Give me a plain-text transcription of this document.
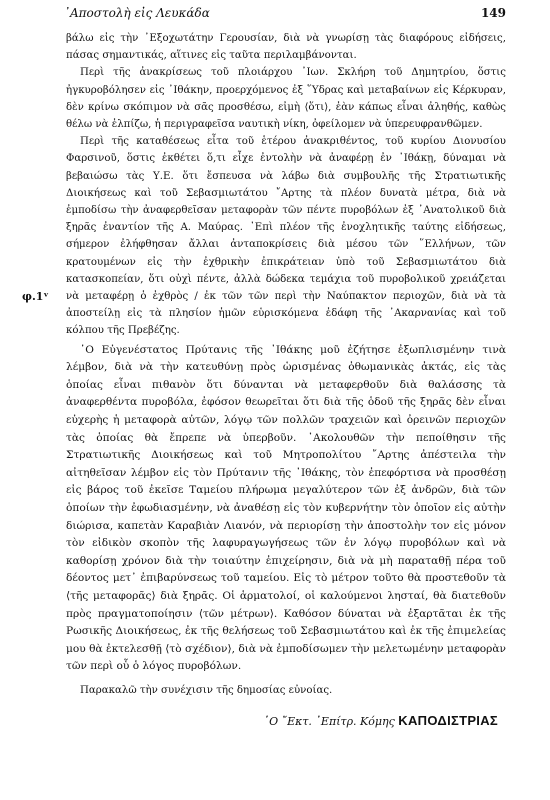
᾿Αποστολὴ εἰς Λευκάδα	149
φ.1ᵛ

βάλω εἰς τὴν ᾿Εξοχωτάτην Γερουσίαν, διὰ νὰ γνωρίσῃ τὰς διαφόρους εἰδήσεις, πάσας σημαντικάς, αἵτινες εἰς ταῦτα περιλαμβάνονται.

Περὶ τῆς ἀνακρίσεως τοῦ πλοιάρχου ᾿Ιων. Σκλήρη τοῦ Δημητρίου, ὅστις ἠγκυροβόλησεν εἰς ᾿Ιθάκην, προερχόμενος ἐξ ῞Υδρας καὶ μεταβαίνων εἰς Κέρκυραν, δὲν κρίνω σκόπιμον νὰ σᾶς προσθέσω, εἰμὴ ⟨ὅτι⟩, ἐὰν κάπως εἶναι ἀληθής, καθὼς θέλω νὰ ἐλπίζω, ἡ περιγραφεῖσα ναυτικὴ νίκη, ὀφείλομεν νὰ ὑπερευφρανθῶμεν.

Περὶ τῆς καταθέσεως εἶτα τοῦ ἑτέρου ἀνακριθέντος, τοῦ κυρίου Διονυσίου Φαρσινοῦ, ὅστις ἐκθέτει ὅ,τι εἶχε ἐντολὴν νὰ ἀναφέρῃ ἐν ᾿Ιθάκῃ, δύναμαι νὰ βεβαιώσω τὰς Υ.Ε. ὅτι ἔσπευσα νὰ λάβω διὰ συμβουλῆς τῆς Στρατιωτικῆς Διοικήσεως καὶ τοῦ Σεβασμιωτάτου ῎Αρτης τὰ πλέον δυνατὰ μέτρα, διὰ νὰ ἐμποδίσω τὴν ἀναφερθεῖσαν μεταφορὰν τῶν πέντε πυροβόλων ἐξ ᾿Ανατολικοῦ διὰ ξηρᾶς ἐναντίον τῆς Α. Μαύρας. ᾿Επὶ πλέον τῆς ἐνοχλητικῆς ταύτης εἰδήσεως, σήμερον ἐλήφθησαν ἄλλαι ἀνταποκρίσεις διὰ μέσου τῶν ῞Ελλήνων, τῶν κρατουμένων εἰς τὴν ἐχθρικὴν ἐπικράτειαν ὑπὸ τοῦ Σεβασμιωτάτου διὰ κατασκοπείαν, ὅτι οὐχὶ πέντε, ἀλλὰ δώδεκα τεμάχια τοῦ πυροβολικοῦ χρειάζεται νὰ μεταφέρῃ ὁ ἐχθρὸς / ἐκ τῶν τῶν περὶ τὴν Ναύπακτον περιοχῶν, διὰ νὰ τὰ ἀποστείλῃ εἰς τὰ πλησίον ἡμῶν εὑρισκόμενα ἐδάφη τῆς ᾿Ακαρνανίας καὶ τοῦ κόλπου τῆς Πρεβέζης.

῾Ο Εὐγενέστατος Πρύτανις τῆς ᾿Ιθάκης μοῦ ἐζήτησε ἐξωπλισμένην τινὰ λέμβον, διὰ νὰ τὴν κατευθύνῃ πρὸς ὡρισμένας ὀθωμανικὰς ἀκτάς, εἰς τὰς ὁποίας εἶναι πιθανὸν ὅτι δύνανται νὰ μεταφερθοῦν διὰ θαλάσσης τὰ ἀναφερθέντα πυροβόλα, ἐφόσον θεωρεῖται ὅτι διὰ τῆς ὁδοῦ τῆς ξηρᾶς δὲν εἶναι εὐχερὴς ἡ μεταφορὰ αὐτῶν, λόγῳ τῶν πολλῶν τραχειῶν καὶ ὀρεινῶν περιοχῶν τὰς ὁποίας θὰ ἔπρεπε νὰ ὑπερβοῦν. ᾿Ακολουθῶν τὴν πεποίθησιν τῆς Στρατιωτικῆς Διοικήσεως καὶ τοῦ Μητροπολίτου ῎Αρτης ἀπέστειλα τὴν αἰτηθεῖσαν λέμβον εἰς τὸν Πρύτανιν τῆς ᾿Ιθάκης, τὸν ἐπεφόρτισα νὰ προσθέσῃ εἰς βάρος τοῦ ἐκεῖσε Ταμείου πλήρωμα μεγαλύτερον τῶν ἐξ ἀνδρῶν, διὰ τῶν ὁποίων τὴν ἐφωδιασμένην, νὰ ἀναθέσῃ εἰς τὸν κυβερνήτην τὸν ὁποῖον εἰς αὐτὴν διώρισα, καπετὰν Καραβιὰν Λιανόν, νὰ περιορίσῃ τὴν ἀποστολὴν τον εἰς μόνον τὸν εἰδικὸν σκοπὸν τῆς λαφυραγωγήσεως τῶν ἐν λόγῳ πυροβόλων καὶ νὰ καθορίσῃ χρόνον διὰ τὴν τοιαύτην ἐπιχείρησιν, διὰ νὰ μὴ παραταθῇ πέρα τοῦ δέοντος μετ᾿ ἐπιβαρύνσεως τοῦ ταμείου. Εἰς τὸ μέτρον τοῦτο θὰ προστεθοῦν τὰ ⟨τῆς μεταφορᾶς⟩ διὰ ξηρᾶς. Οἱ ἁρματολοί, οἱ καλούμενοι λησταί, θὰ διατεθοῦν πρὸς πραγματοποίησιν ⟨τῶν μέτρων⟩. Καθόσον δύναται νὰ ἐξαρτᾶται ἐκ τῆς Ρωσικῆς Διοικήσεως, ἐκ τῆς θελήσεως τοῦ Σεβασμιωτάτου καὶ ἐκ τῆς ἐπιμελείας μου θὰ ἐκτελεσθῇ ⟨τὸ σχέδιον⟩, διὰ νὰ ἐμποδίσωμεν τὴν μελετωμένην μεταφορὰν τῶν περὶ οὗ ὁ λόγος πυροβόλων.

Παρακαλῶ τὴν συνέχισιν τῆς δημοσίας εὐνοίας.

῾Ο ῎Εκτ. ᾿Επίτρ. Κόμης ΚΑΠΟΔΙΣΤΡΙΑΣ
